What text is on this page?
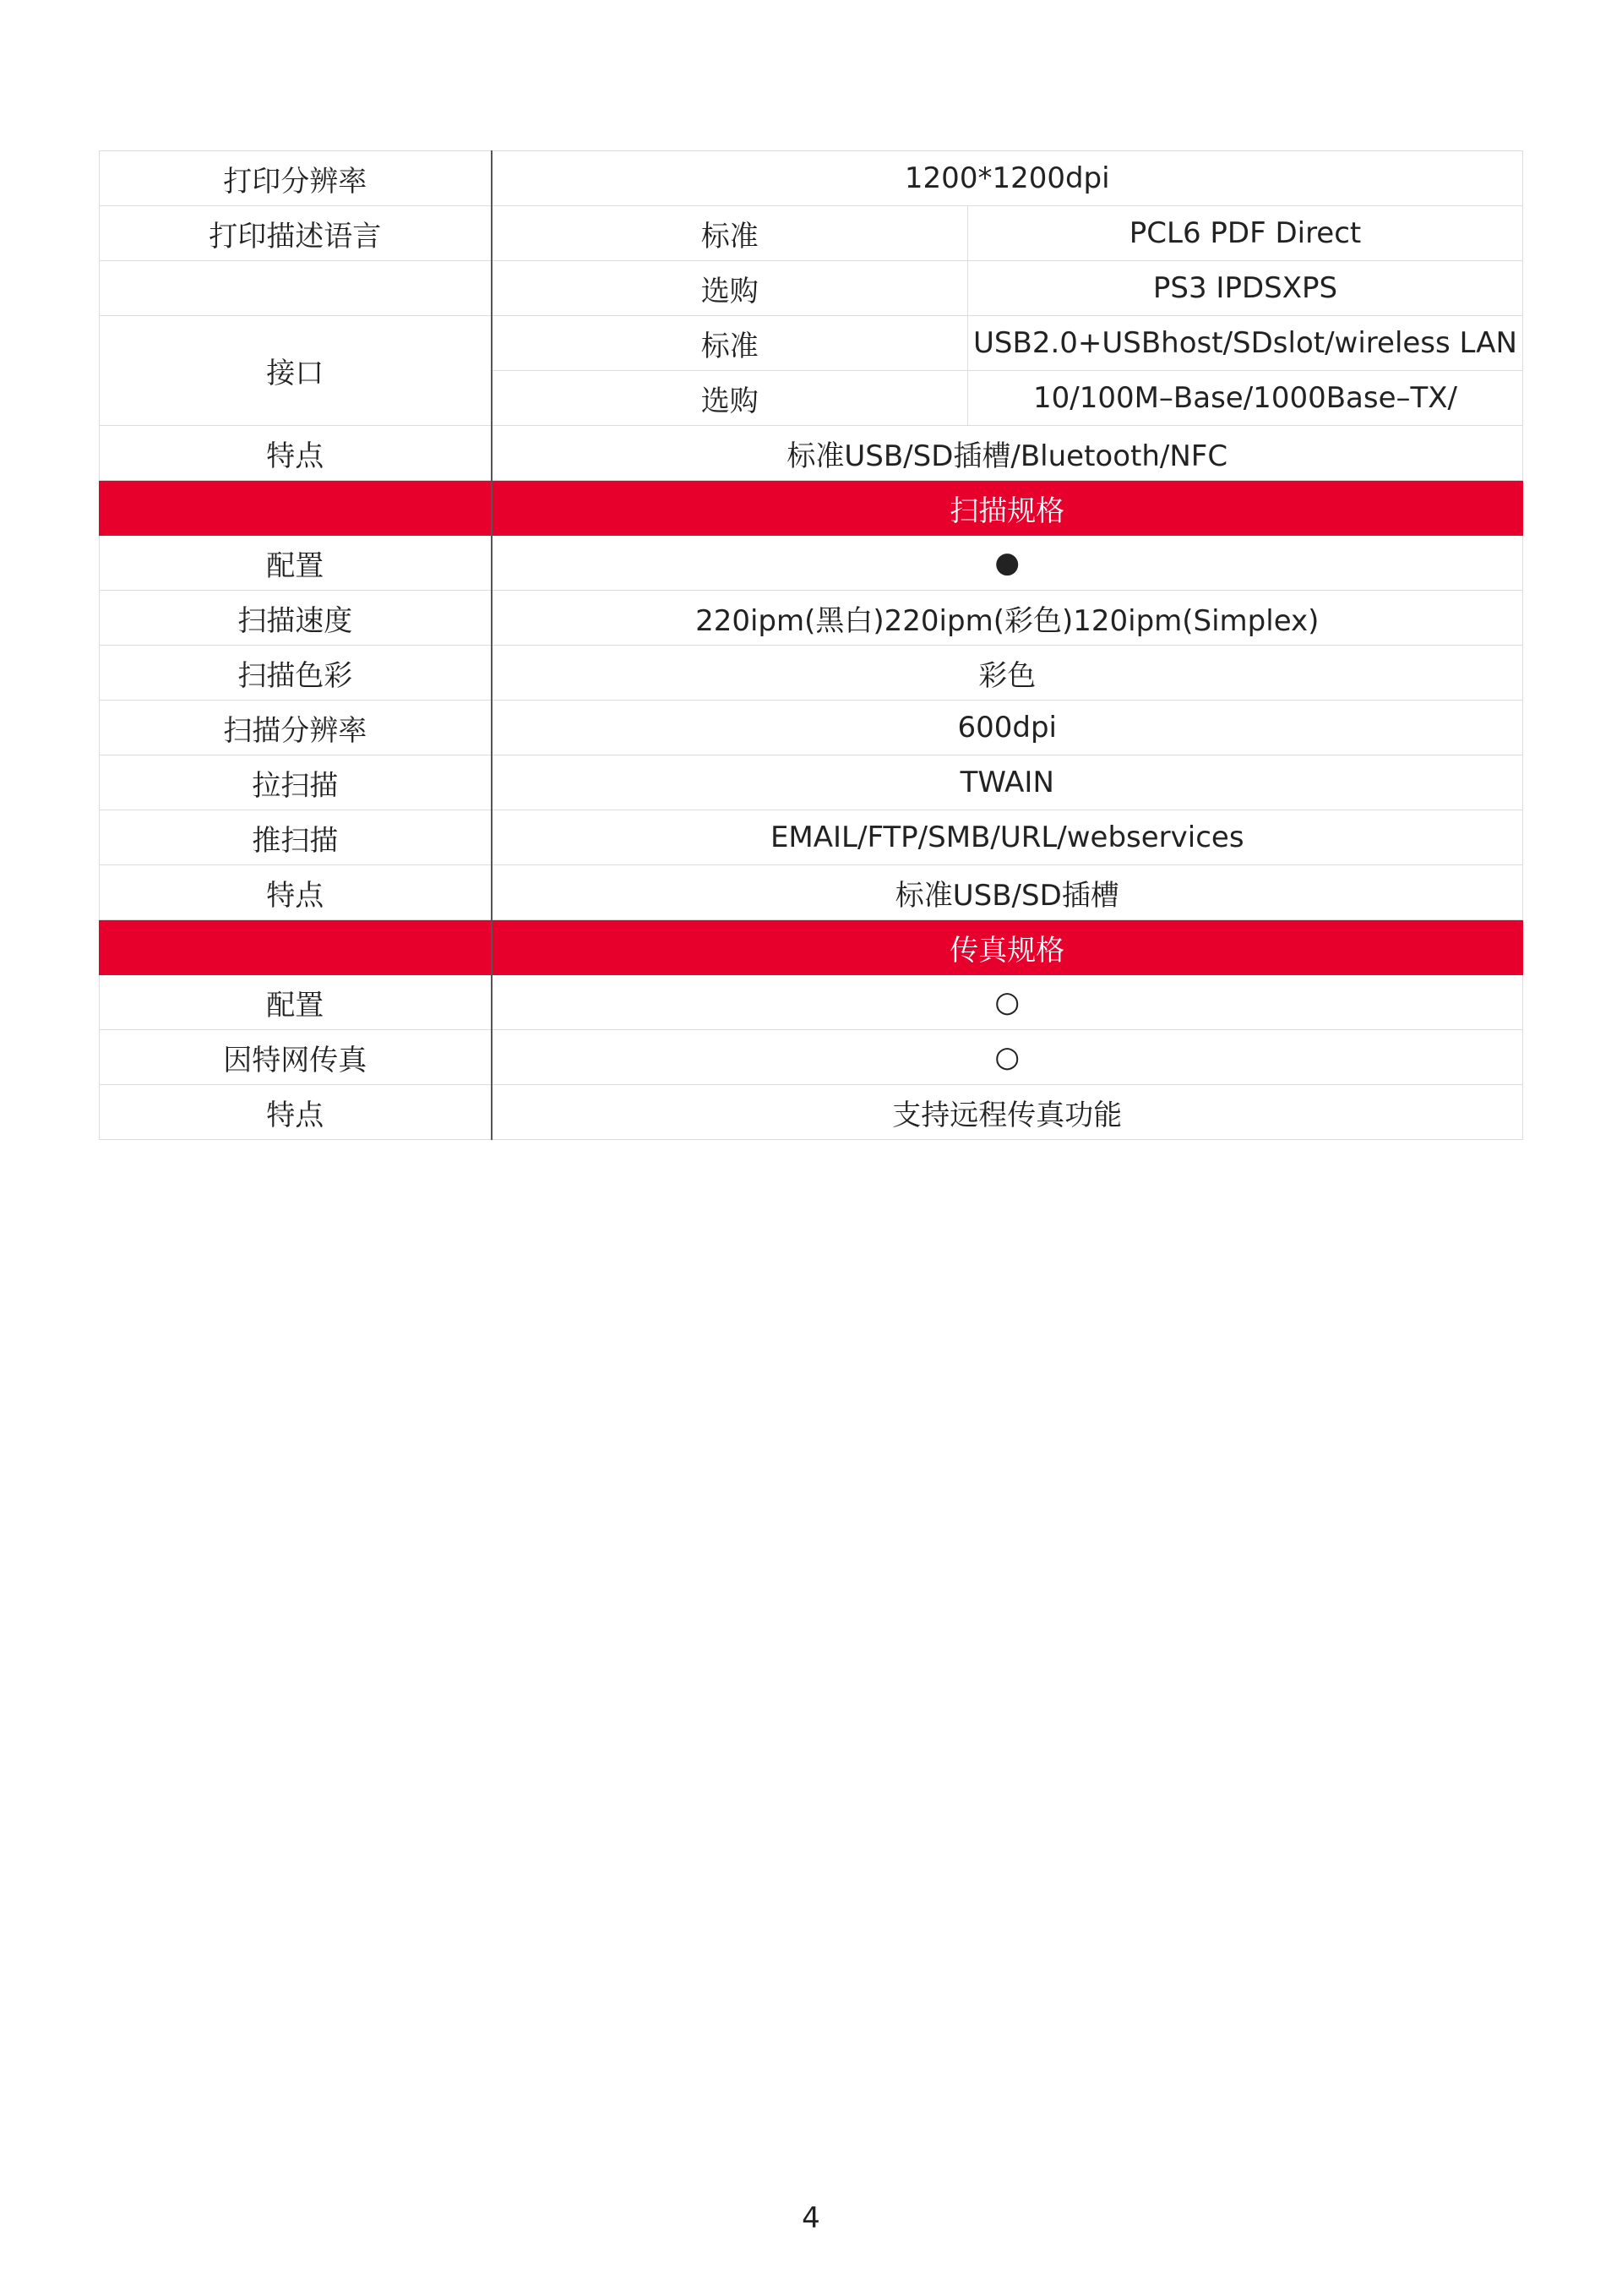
打印分辨率	1200*1200dpi	
打印描述语言	标准	PCL6 PDF Direct
	选购	PS3 IPDSXPS
接口	标准	USB2.0+USBhost/SDslot/wireless LAN
	选购	10/100M–Base/1000Base–TX/
特点	标准USB/SD插槽/Bluetooth/NFC	
	扫描规格	
配置	●	
扫描速度	220ipm(黑白)220ipm(彩色)120ipm(Simplex)	
扫描色彩	彩色	
扫描分辨率	600dpi	
拉扫描	TWAIN	
推扫描	EMAIL/FTP/SMB/URL/webservices	
特点	标准USB/SD插槽	
	传真规格	
配置	○	
因特网传真	○	
特点	支持远程传真功能	
4
